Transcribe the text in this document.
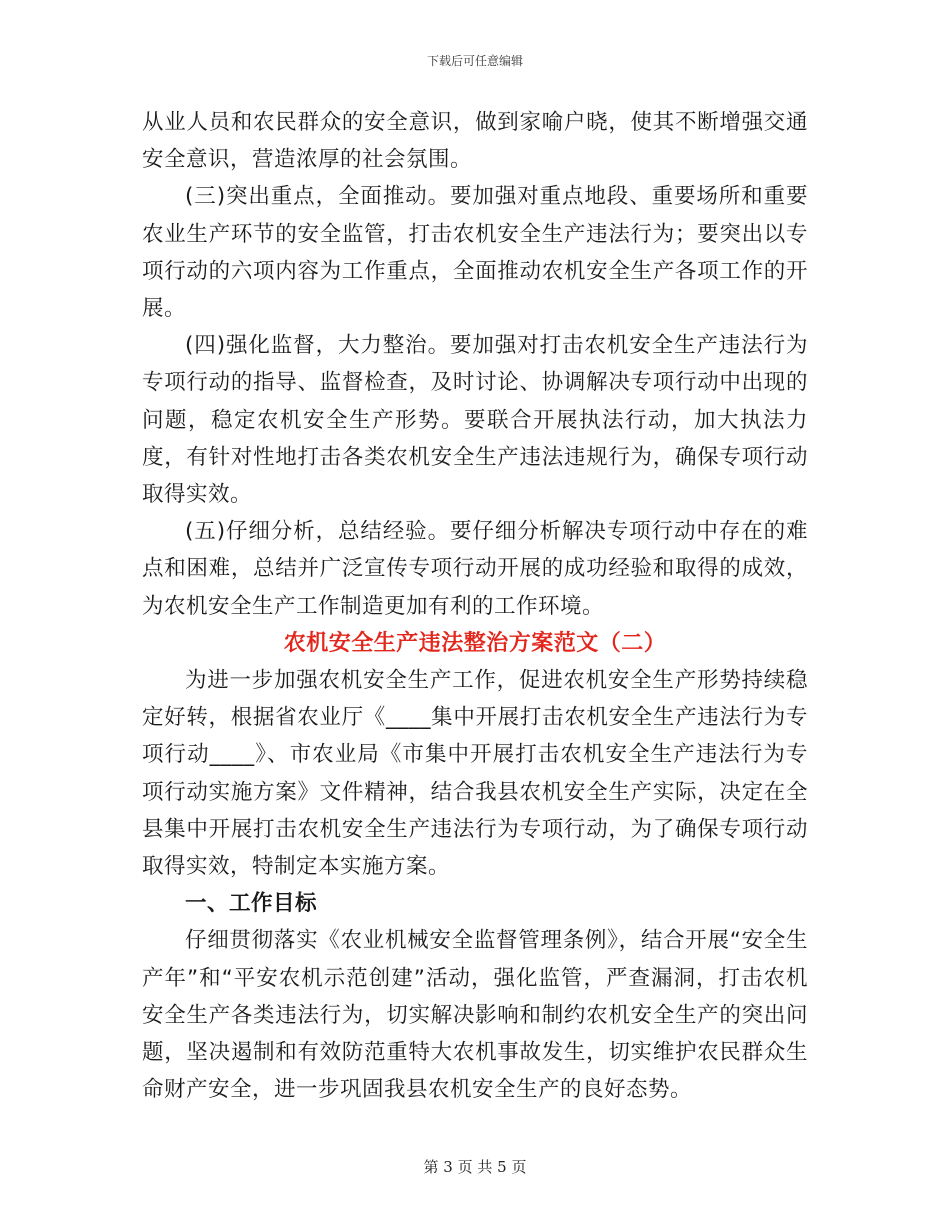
下载后可任意编辑

从业人员和农民群众的安全意识，做到家喻户晓，使其不断增强交通安全意识，营造浓厚的社会氛围。

(三)突出重点，全面推动。要加强对重点地段、重要场所和重要农业生产环节的安全监管，打击农机安全生产违法行为；要突出以专项行动的六项内容为工作重点，全面推动农机安全生产各项工作的开展。

(四)强化监督，大力整治。要加强对打击农机安全生产违法行为专项行动的指导、监督检查，及时讨论、协调解决专项行动中出现的问题，稳定农机安全生产形势。要联合开展执法行动，加大执法力度，有针对性地打击各类农机安全生产违法违规行为，确保专项行动取得实效。

(五)仔细分析，总结经验。要仔细分析解决专项行动中存在的难点和困难，总结并广泛宣传专项行动开展的成功经验和取得的成效，为农机安全生产工作制造更加有利的工作环境。

农机安全生产违法整治方案范文（二）

为进一步加强农机安全生产工作，促进农机安全生产形势持续稳定好转，根据省农业厅《____集中开展打击农机安全生产违法行为专项行动____》、市农业局《市集中开展打击农机安全生产违法行为专项行动实施方案》文件精神，结合我县农机安全生产实际，决定在全县集中开展打击农机安全生产违法行为专项行动，为了确保专项行动取得实效，特制定本实施方案。

一、工作目标

仔细贯彻落实《农业机械安全监督管理条例》，结合开展“安全生产年”和“平安农机示范创建”活动，强化监管，严查漏洞，打击农机安全生产各类违法行为，切实解决影响和制约农机安全生产的突出问题，坚决遏制和有效防范重特大农机事故发生，切实维护农民群众生命财产安全，进一步巩固我县农机安全生产的良好态势。

第 3 页 共 5 页
